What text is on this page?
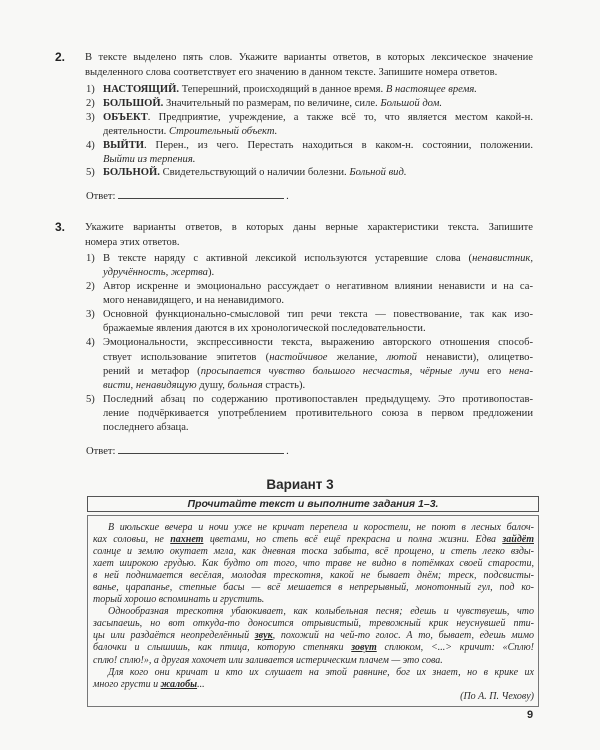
2. В тексте выделено пять слов. Укажите варианты ответов, в которых лексическое значение
выделенного слова соответствует его значению в данном тексте. Запишите номера ответов.
1) НАСТОЯЩИЙ. Теперешний, происходящий в данное время. В настоящее время.
2) БОЛЬШОЙ. Значительный по размерам, по величине, силе. Большой дом.
3) ОБЪЕКТ. Предприятие, учреждение, а также всё то, что является местом какой-н.
деятельности. Строительный объект.
4) ВЫЙТИ. Перен., из чего. Перестать находиться в каком-н. состоянии, положении.
Выйти из терпения.
5) БОЛЬНОЙ. Свидетельствующий о наличии болезни. Больной вид.
Ответ:	.
3. Укажите варианты ответов, в которых даны верные характеристики текста. Запишите
номера этих ответов.
1) В тексте наряду с активной лексикой используются устаревшие слова (ненавистник,
удручённость, жертва).
2) Автор искренне и эмоционально рассуждает о негативном влиянии ненависти и на са-
мого ненавидящего, и на ненавидимого.
3) Основной функционально-смысловой тип речи текста — повествование, так как изо-
бражаемые явления даются в их хронологической последовательности.
4) Эмоциональности, экспрессивности текста, выражению авторского отношения способ-
ствует использование эпитетов (настойчивое желание, лютой ненависти), олицетво-
рений и метафор (просыпается чувство большого несчастья, чёрные лучи его нена-
висти, ненавидящую душу, больная страсть).
5) Последний абзац по содержанию противопоставлен предыдущему. Это противопостав-
ление подчёркивается употреблением противительного союза в первом предложении
последнего абзаца.
Ответ:	.
Вариант 3
Прочитайте текст и выполните задания 1–3.
В июльские вечера и ночи уже не кричат перепела и коростели, не поют в лесных балоч-
ках соловьи, не пахнет цветами, но степь всё ещё прекрасна и полна жизни. Едва зайдёт
солнце и землю окутает мгла, как дневная тоска забыта, всё прощено, и степь легко взды-
хает широкою грудью. Как будто от того, что траве не видно в потёмках своей старости,
в ней поднимается весёлая, молодая трескотня, какой не бывает днём; треск, подсвисты-
ванье, царапанье, степные басы — всё мешается в непрерывный, монотонный гул, под ко-
торый хорошо вспоминать и грустить.
Однообразная трескотня убаюкивает, как колыбельная песня; едешь и чувствуешь, что
засыпаешь, но вот откуда-то доносится отрывистый, тревожный крик неуснувшей пти-
цы или раздаётся неопределённый звук, похожий на чей-то голос. А то, бывает, едешь мимо
балочки и слышишь, как птица, которую степняки зовут сплюком, <...> кричит: «Сплю!
сплю! сплю!», а другая хохочет или заливается истерическим плачем — это сова.
Для кого они кричат и кто их слушает на этой равнине, бог их знает, но в крике их
много грусти и жалобы...
(По А. П. Чехову)
9
